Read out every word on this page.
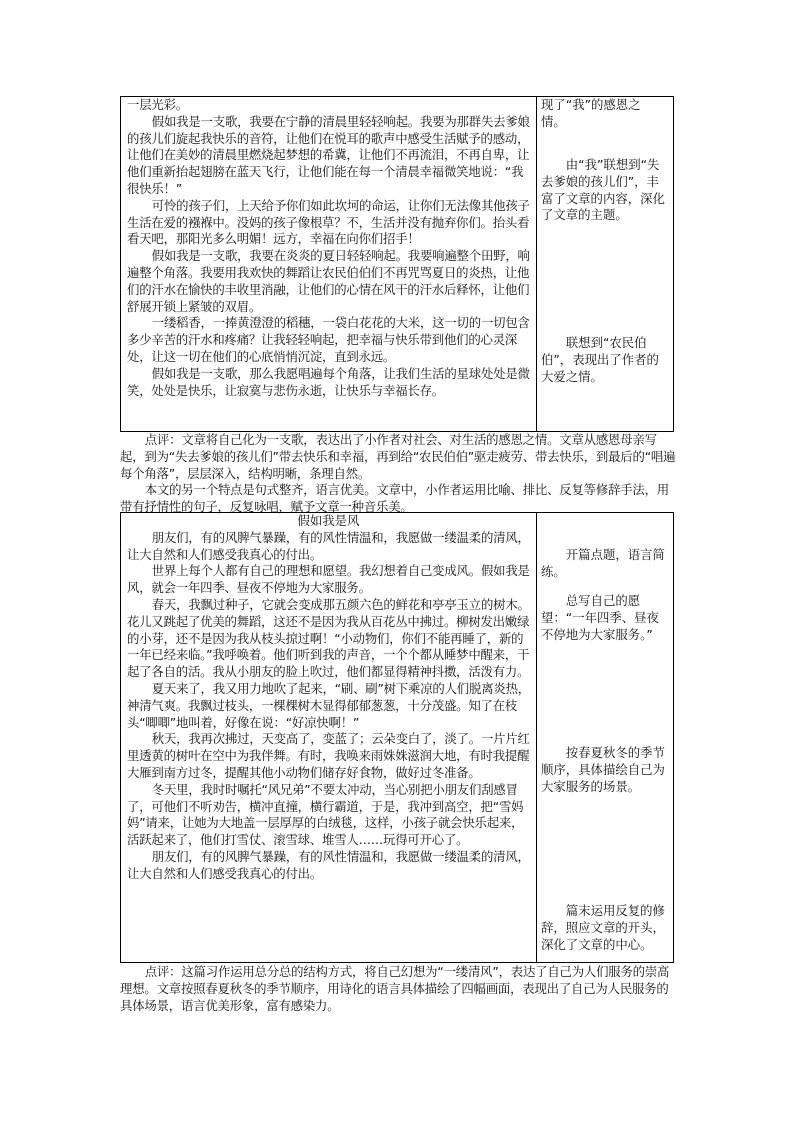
一层光彩。

假如我是一支歌，我要在宁静的清晨里轻轻响起。我要为那群失去爹娘的孩儿们旋起我快乐的音符，让他们在悦耳的歌声中感受生活赋予的感动，让他们在美妙的清晨里燃烧起梦想的希冀，让他们不再流泪，不再自卑，让他们重新抬起翅膀在蓝天飞行，让他们能在每一个清晨幸福微笑地说：“我很快乐！”

可怜的孩子们，上天给予你们如此坎坷的命运，让你们无法像其他孩子生活在爱的襁褓中。没妈的孩子像根草？不，生活并没有抛弃你们。抬头看看天吧，那阳光多么明媚！远方，幸福在向你们招手！

假如我是一支歌，我要在炎炎的夏日轻轻响起。我要响遍整个田野，响遍整个角落。我要用我欢快的舞蹈让农民伯伯们不再咒骂夏日的炎热，让他们的汗水在愉快的丰收里消融，让他们的心情在风干的汗水后释怀，让他们舒展开锁上紧皱的双眉。

一缕稻香，一捧黄澄澄的稻穗，一袋白花花的大米，这一切的一切包含多少辛苦的汗水和疼痛？让我轻轻响起，把幸福与快乐带到他们的心灵深处，让这一切在他们的心底悄悄沉淀，直到永远。

假如我是一支歌，那么我愿唱遍每个角落，让我们生活的星球处处是微笑，处处是快乐，让寂寞与悲伤永逝，让快乐与幸福长存。

现了“我”的感恩之情。
由“我”联想到“失去爹娘的孩儿们”，丰富了文章的内容，深化了文章的主题。
联想到“农民伯伯”，表现出了作者的大爱之情。

点评：文章将自己化为一支歌，表达出了小作者对社会、对生活的感恩之情。文章从感恩母亲写起，到为“失去爹娘的孩儿们”带去快乐和幸福，再到给“农民伯伯”驱走疲劳、带去快乐，到最后的“唱遍每个角落”，层层深入，结构明晰，条理自然。

本文的另一个特点是句式整齐，语言优美。文章中，小作者运用比喻、排比、反复等修辞手法，用带有抒情性的句子，反复咏唱，赋予文章一种音乐美。

假如我是风

朋友们，有的风脾气暴躁，有的风性情温和，我愿做一缕温柔的清风，让大自然和人们感受我真心的付出。

世界上每个人都有自己的理想和愿望。我幻想着自己变成风。假如我是风，就会一年四季、昼夜不停地为大家服务。

春天，我飘过种子，它就会变成那五颜六色的鲜花和亭亭玉立的树木。花儿又跳起了优美的舞蹈，这还不是因为我从百花丛中拂过。柳树发出嫩绿的小芽，还不是因为我从枝头掠过啊！“小动物们，你们不能再睡了，新的一年已经来临。”我呼唤着。他们听到我的声音，一个个都从睡梦中醒来，干起了各自的活。我从小朋友的脸上吹过，他们都显得精神抖擞，活泼有力。

夏天来了，我又用力地吹了起来，“刷、刷”树下乘凉的人们脱离炎热，神清气爽。我飘过枝头，一棵棵树木显得郁郁葱葱，十分茂盛。知了在枝头“唧唧”地叫着，好像在说：“好凉快啊！”

秋天，我再次拂过，天变高了，变蓝了；云朵变白了，淡了。一片片红里透黄的树叶在空中为我伴舞。有时，我唤来雨姝姝滋润大地，有时我提醒大雁到南方过冬，提醒其他小动物们储存好食物，做好过冬准备。

冬天里，我时时嘱托“风兄弟”不要太冲动，当心别把小朋友们刮感冒了，可他们不听劝告，横冲直撞，横行霸道，于是，我冲到高空，把“雪妈妈”请来，让她为大地盖一层厚厚的白绒毯，这样，小孩子就会快乐起来，活跃起来了，他们打雪仗、滚雪球、堆雪人……玩得可开心了。

朋友们，有的风脾气暴躁，有的风性情温和，我愿做一缕温柔的清风，让大自然和人们感受我真心的付出。

开篇点题，语言简练。
总写自己的愿望：“一年四季、昼夜不停地为大家服务。”
按春夏秋冬的季节顺序，具体描绘自己为大家服务的场景。
篇末运用反复的修辞，照应文章的开头，深化了文章的中心。

点评：这篇习作运用总分总的结构方式，将自己幻想为“一缕清风”，表达了自己为人们服务的崇高理想。文章按照春夏秋冬的季节顺序，用诗化的语言具体描绘了四幅画面，表现出了自己为人民服务的具体场景，语言优美形象，富有感染力。
